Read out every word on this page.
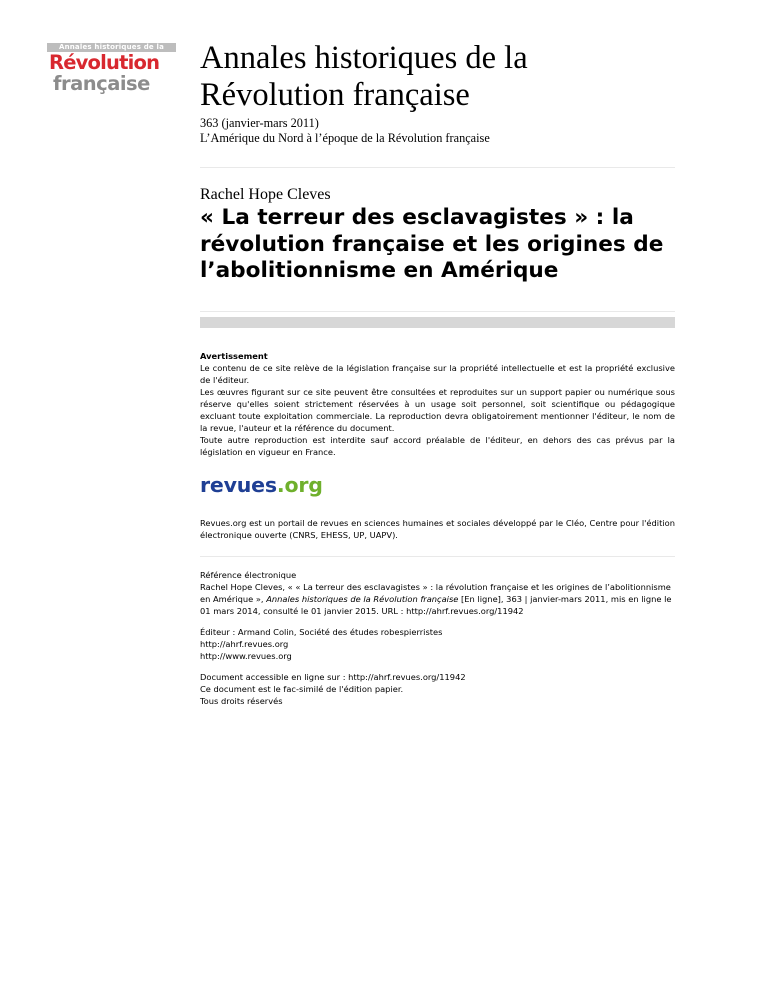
Annales historiques de la
Révolution
française
Annales historiques de la Révolution française
363 (janvier-mars 2011)
L’Amérique du Nord à l’époque de la Révolution française
Rachel Hope Cleves
« La terreur des esclavagistes » : la révolution française et les origines de l’abolitionnisme en Amérique
Avertissement

Le contenu de ce site relève de la législation française sur la propriété intellectuelle et est la propriété exclusive de l'éditeur.

Les œuvres figurant sur ce site peuvent être consultées et reproduites sur un support papier ou numérique sous réserve qu'elles soient strictement réservées à un usage soit personnel, soit scientifique ou pédagogique excluant toute exploitation commerciale. La reproduction devra obligatoirement mentionner l'éditeur, le nom de la revue, l'auteur et la référence du document.

Toute autre reproduction est interdite sauf accord préalable de l'éditeur, en dehors des cas prévus par la législation en vigueur en France.

revues.org
Revues.org est un portail de revues en sciences humaines et sociales développé par le Cléo, Centre pour l'édition électronique ouverte (CNRS, EHESS, UP, UAPV).

Référence électronique

Rachel Hope Cleves, « « La terreur des esclavagistes » : la révolution française et les origines de l’abolitionnisme en Amérique », Annales historiques de la Révolution française [En ligne], 363 | janvier-mars 2011, mis en ligne le 01 mars 2014, consulté le 01 janvier 2015. URL : http://ahrf.revues.org/11942

Éditeur : Armand Colin, Société des études robespierristes

http://ahrf.revues.org

http://www.revues.org

Document accessible en ligne sur : http://ahrf.revues.org/11942

Ce document est le fac-similé de l'édition papier.

Tous droits réservés
